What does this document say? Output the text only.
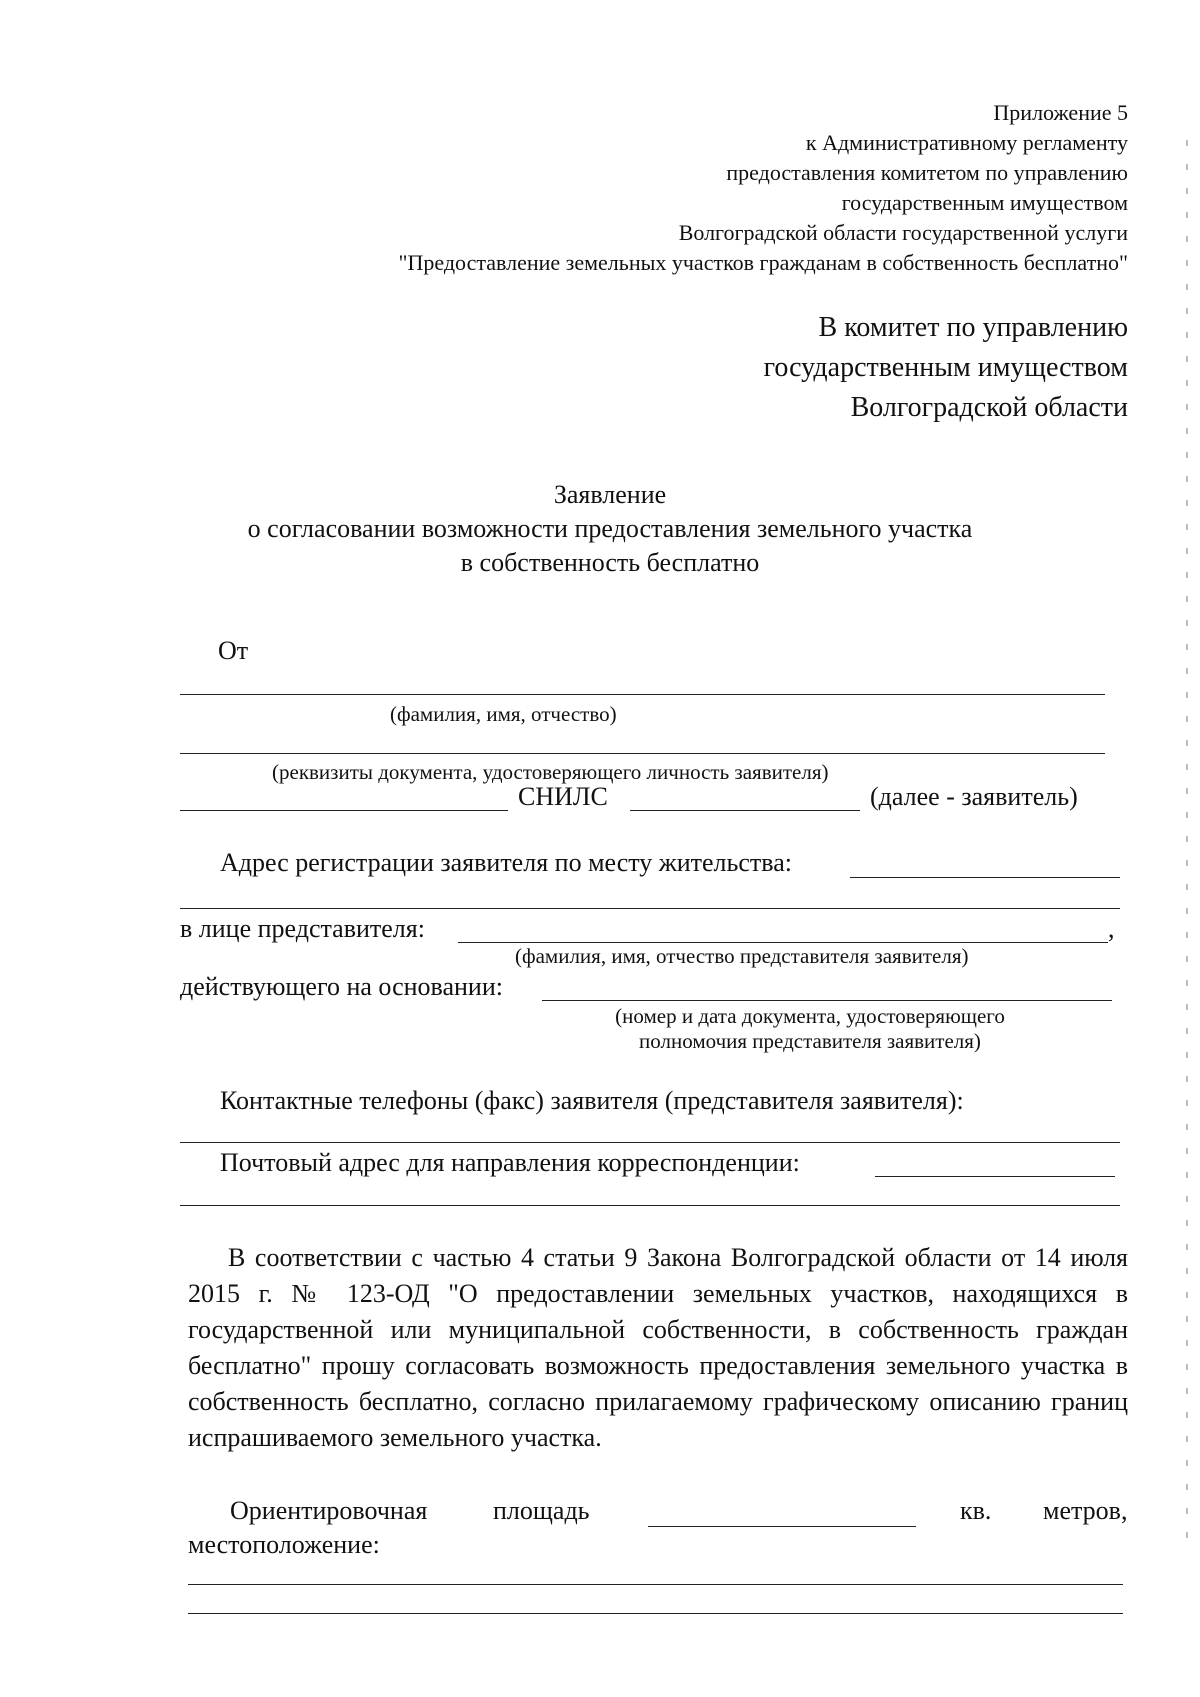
Приложение 5
к Административному регламенту
предоставления комитетом по управлению
государственным имуществом
Волгоградской области государственной услуги
"Предоставление земельных участков гражданам в собственность бесплатно"
В комитет по управлению
государственным имуществом
Волгоградской области
Заявление
о согласовании возможности предоставления земельного участка
в собственность бесплатно
От
(фамилия, имя, отчество)
(реквизиты документа, удостоверяющего личность заявителя)
СНИЛС	(далее - заявитель)
Адрес регистрации заявителя по месту жительства:
в лице представителя:	,
(фамилия, имя, отчество представителя заявителя)
действующего на основании:
(номер и дата документа, удостоверяющего
полномочия представителя заявителя)
Контактные телефоны (факс) заявителя (представителя заявителя):
Почтовый адрес для направления корреспонденции:
В соответствии с частью 4 статьи 9 Закона Волгоградской области от 14 июля 2015 г. № 123-ОД "О предоставлении земельных участков, находящихся в государственной или муниципальной собственности, в собственность граждан бесплатно" прошу согласовать возможность предоставления земельного участка в собственность бесплатно, согласно прилагаемому графическому описанию границ испрашиваемого земельного участка.
Ориентировочная	площадь	кв. метров,
местоположение:
